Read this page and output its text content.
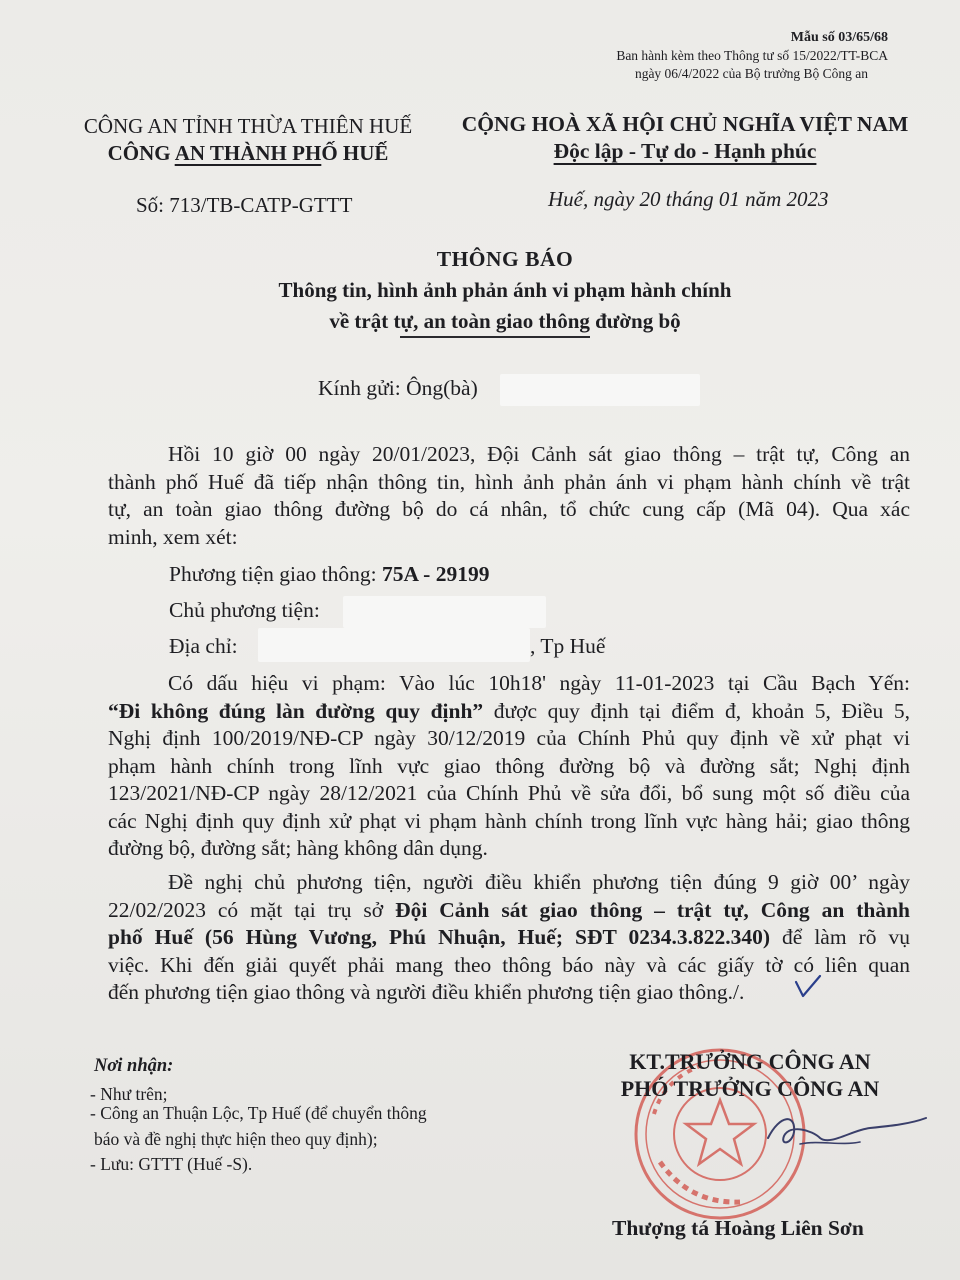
Mẫu số 03/65/68
Ban hành kèm theo Thông tư số 15/2022/TT-BCA
ngày 06/4/2022 của Bộ trưởng Bộ Công an
CÔNG AN TỈNH THỪA THIÊN HUẾ
CÔNG AN THÀNH PHỐ HUẾ
Số: 713/TB-CATP-GTTT
CỘNG HOÀ XÃ HỘI CHỦ NGHĨA VIỆT NAM
Độc lập - Tự do - Hạnh phúc
Huế, ngày 20 tháng 01 năm 2023
THÔNG BÁO
Thông tin, hình ảnh phản ánh vi phạm hành chính
về trật tự, an toàn giao thông đường bộ
Kính gửi: Ông(bà)
Hồi 10 giờ 00 ngày 20/01/2023, Đội Cảnh sát giao thông – trật tự, Công an
thành phố Huế đã tiếp nhận thông tin, hình ảnh phản ánh vi phạm hành chính về trật
tự, an toàn giao thông đường bộ do cá nhân, tổ chức cung cấp (Mã 04). Qua xác
minh, xem xét:
Phương tiện giao thông: 75A - 29199
Chủ phương tiện:
Địa chỉ:	, Tp Huế
Có dấu hiệu vi phạm: Vào lúc 10h18' ngày 11-01-2023 tại Cầu Bạch Yến:
“Đi không đúng làn đường quy định” được quy định tại điểm đ, khoản 5, Điều 5,
Nghị định 100/2019/NĐ-CP ngày 30/12/2019 của Chính Phủ quy định về xử phạt vi
phạm hành chính trong lĩnh vực giao thông đường bộ và đường sắt; Nghị định
123/2021/NĐ-CP ngày 28/12/2021 của Chính Phủ về sửa đổi, bổ sung một số điều của
các Nghị định quy định xử phạt vi phạm hành chính trong lĩnh vực hàng hải; giao thông
đường bộ, đường sắt; hàng không dân dụng.
Đề nghị chủ phương tiện, người điều khiển phương tiện đúng 9 giờ 00’ ngày
22/02/2023 có mặt tại trụ sở Đội Cảnh sát giao thông – trật tự, Công an thành
phố Huế (56 Hùng Vương, Phú Nhuận, Huế; SĐT 0234.3.822.340) để làm rõ vụ
việc. Khi đến giải quyết phải mang theo thông báo này và các giấy tờ có liên quan
đến phương tiện giao thông và người điều khiển phương tiện giao thông./.
Nơi nhận:
- Như trên;
- Công an Thuận Lộc, Tp Huế (để chuyển thông
báo và đề nghị thực hiện theo quy định);
- Lưu: GTTT (Huế -S).
KT.TRƯỞNG CÔNG AN
PHÓ TRƯỞNG CÔNG AN
Thượng tá Hoàng Liên Sơn
